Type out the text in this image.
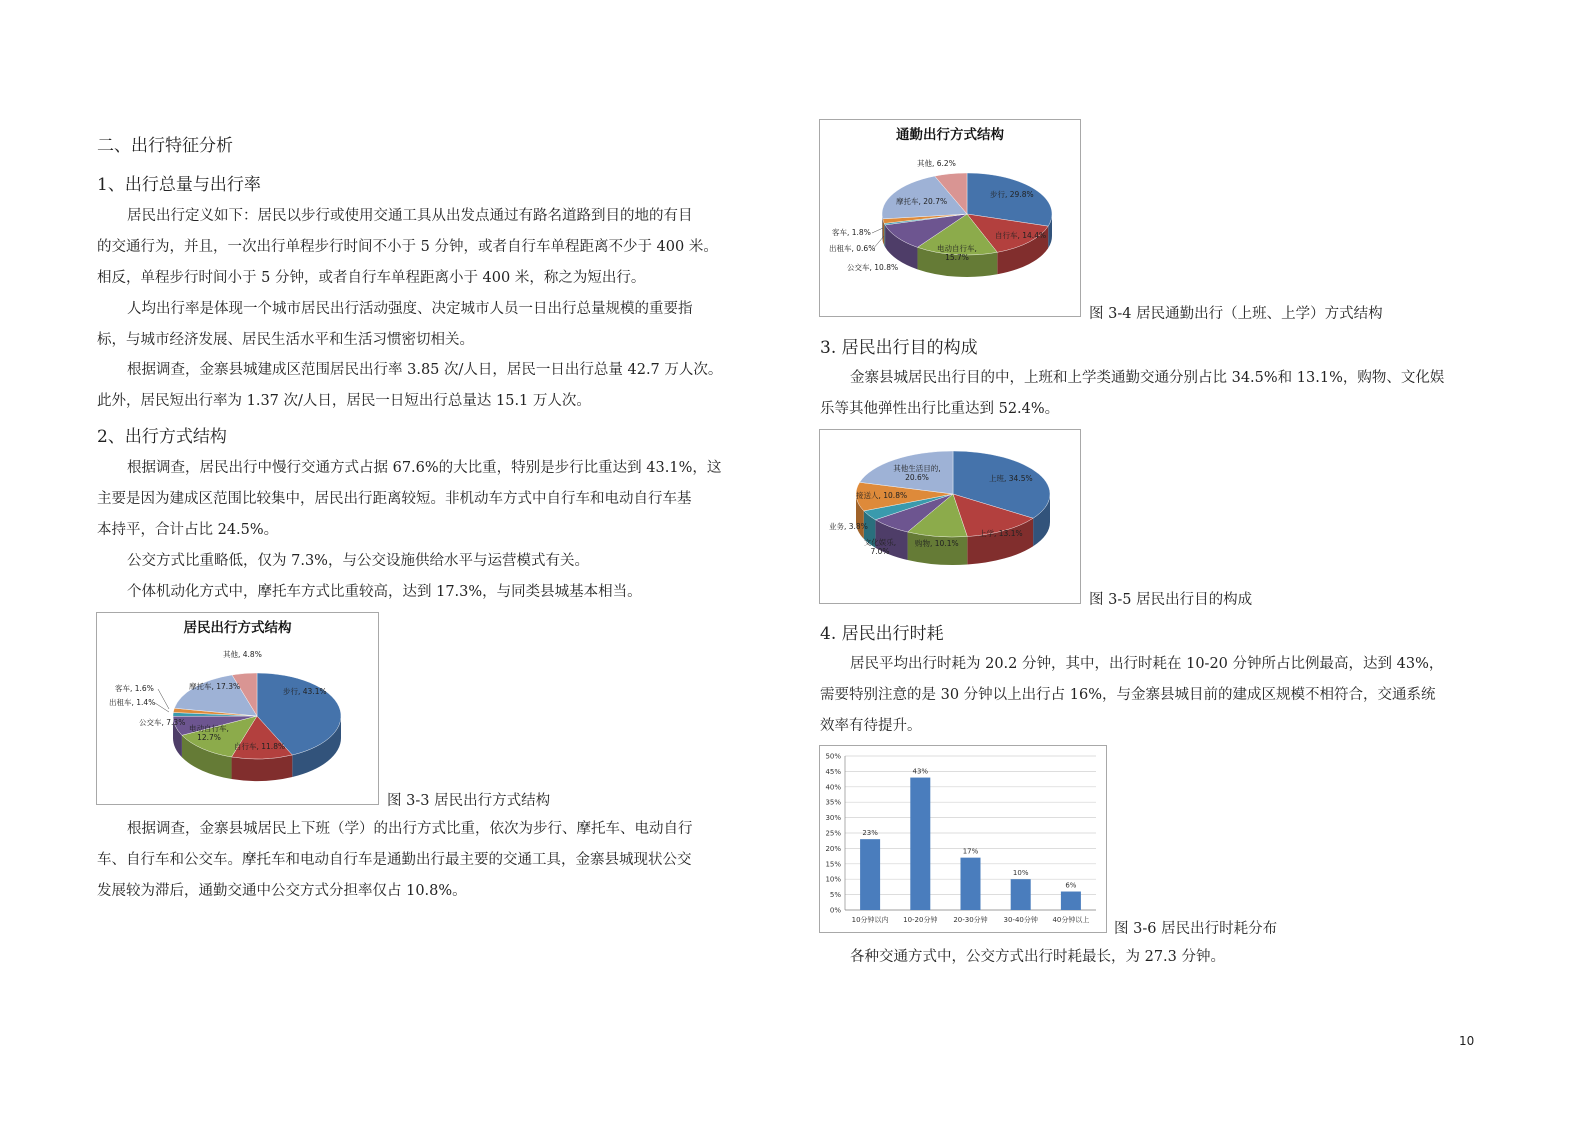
二、出行特征分析
1、出行总量与出行率

居民出行定义如下：居民以步行或使用交通工具从出发点通过有路名道路到目的地的有目

的交通行为，并且，一次出行单程步行时间不小于 5 分钟，或者自行车单程距离不少于 400 米。

相反，单程步行时间小于 5 分钟，或者自行车单程距离小于 400 米，称之为短出行。

人均出行率是体现一个城市居民出行活动强度、决定城市人员一日出行总量规模的重要指

标，与城市经济发展、居民生活水平和生活习惯密切相关。

根据调查，金寨县城建成区范围居民出行率 3.85 次/人日，居民一日出行总量 42.7 万人次。

此外，居民短出行率为 1.37 次/人日，居民一日短出行总量达 15.1 万人次。

2、出行方式结构

根据调查，居民出行中慢行交通方式占据 67.6%的大比重，特别是步行比重达到 43.1%，这

主要是因为建成区范围比较集中，居民出行距离较短。非机动车方式中自行车和电动自行车基

本持平，合计占比 24.5%。

公交方式比重略低，仅为 7.3%，与公交设施供给水平与运营模式有关。

个体机动化方式中，摩托车方式比重较高，达到 17.3%，与同类县城基本相当。

居民出行方式结构
步行, 43.1%
自行车, 11.8%
电动自行车,
12.7%
公交车, 7.3%
出租车, 1.4%
客车, 1.6%	摩托车, 17.3%
其他, 4.8%
图 3-3 居民出行方式结构

根据调查，金寨县城居民上下班（学）的出行方式比重，依次为步行、摩托车、电动自行

车、自行车和公交车。摩托车和电动自行车是通勤出行最主要的交通工具，金寨县城现状公交

发展较为滞后，通勤交通中公交方式分担率仅占 10.8%。

通勤出行方式结构
步行, 29.8%
自行车, 14.4%
电动自行车,
15.7%
公交车, 10.8%
出租车, 0.6%
客车, 1.8%
摩托车, 20.7%
其他, 6.2%
图 3-4 居民通勤出行（上班、上学）方式结构
3. 居民出行目的构成

金寨县城居民出行目的中，上班和上学类通勤交通分别占比 34.5%和 13.1%，购物、文化娱

乐等其他弹性出行比重达到 52.4%。

上班, 34.5%
上学, 13.1%
购物, 10.1%
文化娱乐,
7.0%
业务, 3.8%
接送人, 10.8%
其他生活目的,
20.6%
图 3-5 居民出行目的构成
4. 居民出行时耗

居民平均出行时耗为 20.2 分钟，其中，出行时耗在 10-20 分钟所占比例最高，达到 43%，

需要特别注意的是 30 分钟以上出行占 16%，与金寨县城目前的建成区规模不相符合，交通系统

效率有待提升。

0%
5%
10%
15%
20%
25%
30%
35%
40%
45%
50%
23%
10分钟以内
43%
10-20分钟
17%
20-30分钟
10%
30-40分钟
6%
40分钟以上
图 3-6 居民出行时耗分布

各种交通方式中，公交方式出行时耗最长，为 27.3 分钟。

10
